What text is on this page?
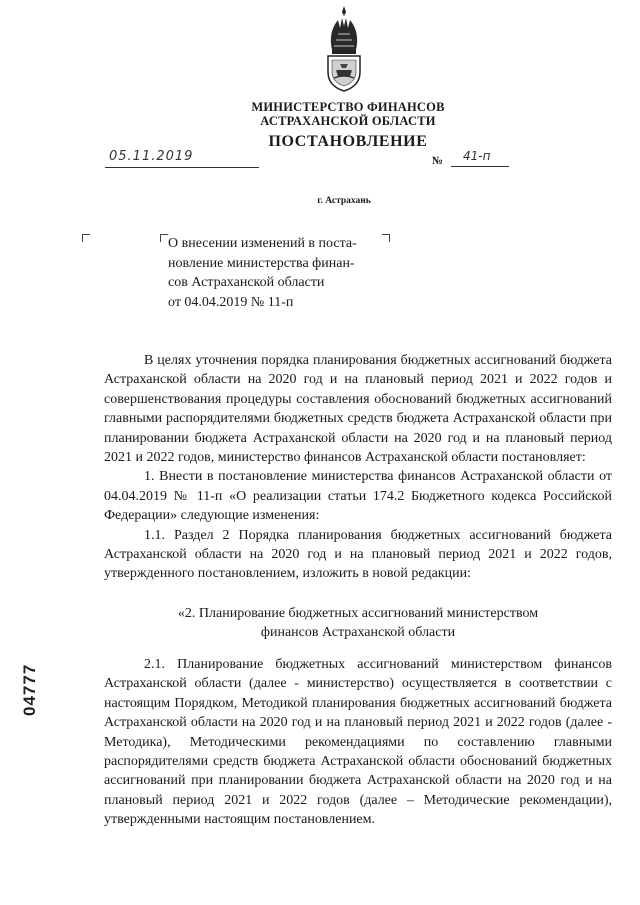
МИНИСТЕРСТВО ФИНАНСОВ
АСТРАХАНСКОЙ ОБЛАСТИ
ПОСТАНОВЛЕНИЕ
05.11.2019	№	41-п
г. Астрахань
О внесении изменений в поста-
новление министерства финан-
сов Астраханской области
от 04.04.2019 № 11-п

В целях уточнения порядка планирования бюджетных ассигнований бюджета Астраханской области на 2020 год и на плановый период 2021 и 2022 годов и совершенствования процедуры составления обоснований бюджетных ассигнований главными распорядителями бюджетных средств бюджета Астраханской области при планировании бюджета Астраханской области на 2020 год и на плановый период 2021 и 2022 годов, министерство финансов Астраханской области постановляет:

1. Внести в постановление министерства финансов Астраханской области от 04.04.2019 № 11-п «О реализации статьи 174.2 Бюджетного кодекса Российской Федерации» следующие изменения:

1.1. Раздел 2 Порядка планирования бюджетных ассигнований бюджета Астраханской области на 2020 год и на плановый период 2021 и 2022 годов, утвержденного постановлением, изложить в новой редакции:

«2. Планирование бюджетных ассигнований министерством
финансов Астраханской области

2.1. Планирование бюджетных ассигнований министерством финансов Астраханской области (далее - министерство) осуществляется в соответствии с настоящим Порядком, Методикой планирования бюджетных ассигнований бюджета Астраханской области на 2020 год и на плановый период 2021 и 2022 годов (далее - Методика), Методическими рекомендациями по составлению главными распорядителями средств бюджета Астраханской области обоснований бюджетных ассигнований при планировании бюджета Астраханской области на 2020 год и на плановый период 2021 и 2022 годов (далее – Методические рекомендации), утвержденными настоящим постановлением.

04777
